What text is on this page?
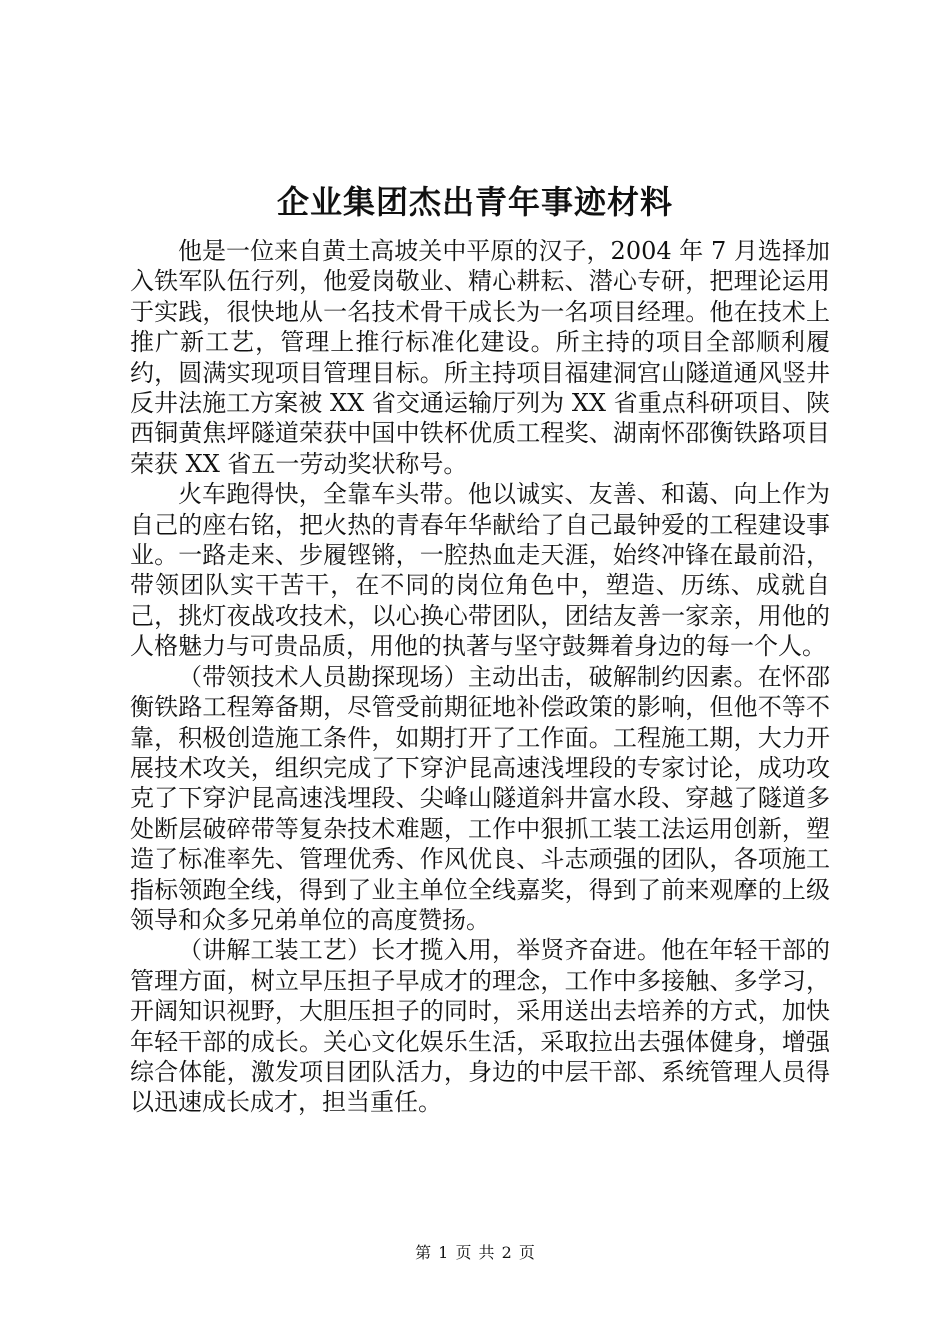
企业集团杰出青年事迹材料

他是一位来自黄土高坡关中平原的汉子，2004 年 7 月选择加入铁军队伍行列，他爱岗敬业、精心耕耘、潜心专研，把理论运用于实践，很快地从一名技术骨干成长为一名项目经理。他在技术上推广新工艺，管理上推行标准化建设。所主持的项目全部顺利履约，圆满实现项目管理目标。所主持项目福建洞宫山隧道通风竖井反井法施工方案被 XX 省交通运输厅列为 XX 省重点科研项目、陕西铜黄焦坪隧道荣获中国中铁杯优质工程奖、湖南怀邵衡铁路项目荣获 XX 省五一劳动奖状称号。

火车跑得快，全靠车头带。他以诚实、友善、和蔼、向上作为自己的座右铭，把火热的青春年华献给了自己最钟爱的工程建设事业。一路走来、步履铿锵，一腔热血走天涯，始终冲锋在最前沿，带领团队实干苦干，在不同的岗位角色中，塑造、历练、成就自己，挑灯夜战攻技术，以心换心带团队，团结友善一家亲，用他的人格魅力与可贵品质，用他的执著与坚守鼓舞着身边的每一个人。

（带领技术人员勘探现场）主动出击，破解制约因素。在怀邵衡铁路工程筹备期，尽管受前期征地补偿政策的影响，但他不等不靠，积极创造施工条件，如期打开了工作面。工程施工期，大力开展技术攻关，组织完成了下穿沪昆高速浅埋段的专家讨论，成功攻克了下穿沪昆高速浅埋段、尖峰山隧道斜井富水段、穿越了隧道多处断层破碎带等复杂技术难题，工作中狠抓工装工法运用创新，塑造了标准率先、管理优秀、作风优良、斗志顽强的团队，各项施工指标领跑全线，得到了业主单位全线嘉奖，得到了前来观摩的上级领导和众多兄弟单位的高度赞扬。

（讲解工装工艺）长才揽入用，举贤齐奋进。他在年轻干部的管理方面，树立早压担子早成才的理念，工作中多接触、多学习，开阔知识视野，大胆压担子的同时，采用送出去培养的方式，加快年轻干部的成长。关心文化娱乐生活，采取拉出去强体健身，增强综合体能，激发项目团队活力，身边的中层干部、系统管理人员得以迅速成长成才，担当重任。

第 1 页 共 2 页
